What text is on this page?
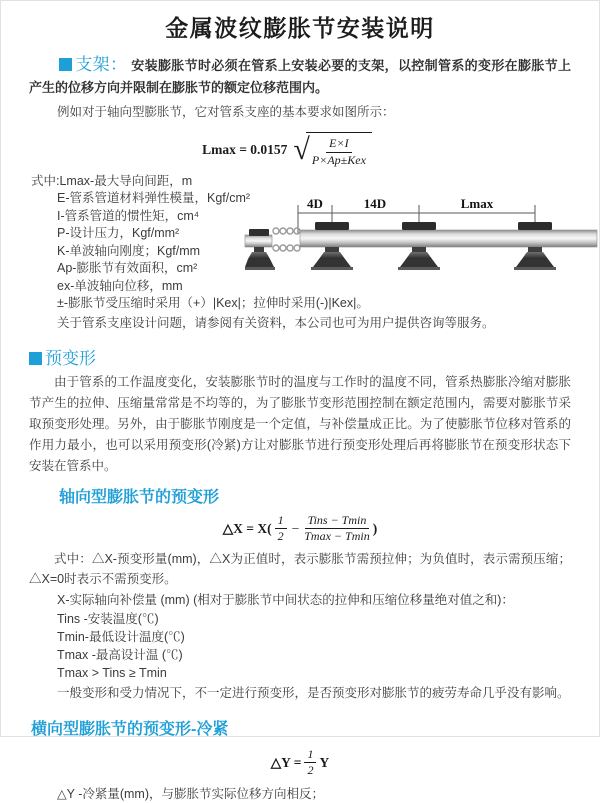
金属波纹膨胀节安装说明

支架： 安装膨胀节时必须在管系上安装必要的支架，以控制管系的变形在膨胀节上产生的位移方向并限制在膨胀节的额定位移范围内。

例如对于轴向型膨胀节，它对管系支座的基本要求如图所示：

Lmax = 0.0157 √ $\frac{E\times I}{\text{P×Ap±Kex}}$
式中:Lmax-最大导向间距，m
E-管系管道材料弹性模量，Kgf/cm²
I-管系管道的惯性矩，cm⁴
P-设计压力，Kgf/mm²
K-单波轴向刚度；Kgf/mm
Ap-膨胀节有效面积，cm²
ex-单波轴向位移，mm
±-膨胀节受压缩时采用（+）|Kex|；拉伸时采用(-)|Kex|。

关于管系支座设计问题，请参阅有关资料，本公司也可为用户提供咨询等服务。

4D	14D	Lmax

预变形

由于管系的工作温度变化，安装膨胀节时的温度与工作时的温度不同，管系热膨胀冷缩对膨胀节产生的拉伸、压缩量常常是不均等的，为了膨胀节变形范围控制在额定范围内，需要对膨胀节采取预变形处理。另外，由于膨胀节刚度是一个定值，与补偿量成正比。为了使膨胀节位移对管系的作用力最小，也可以采用预变形(冷紧)方让对膨胀节进行预变形处理后再将膨胀节在预变形状态下安装在管系中。

轴向型膨胀节的预变形

△X = $X( \frac{1}{2} - \frac{\text{Tins − Tmin}}{Tmax - Tmin}$ )

式中：△X-预变形量(mm)，△X为正值时，表示膨胀节需预拉伸；为负值时，表示需预压缩；△X=0时表示不需预变形。

X-实际轴向补偿量 (mm) (相对于膨胀节中间状态的拉伸和压缩位移量绝对值之和)：
Tins -安装温度(℃)
Tmin-最低设计温度(℃)
Tmax -最高设计温 (℃)
Tmax > Tins ≥ Tmin

一般变形和受力情况下，不一定进行预变形，是否预变形对膨胀节的疲劳寿命几乎没有影响。

横向型膨胀节的预变形-冷紧

△Y = $\frac{1}{2}$ Y

△Y -冷紧量(mm)，与膨胀节实际位移方向相反；
